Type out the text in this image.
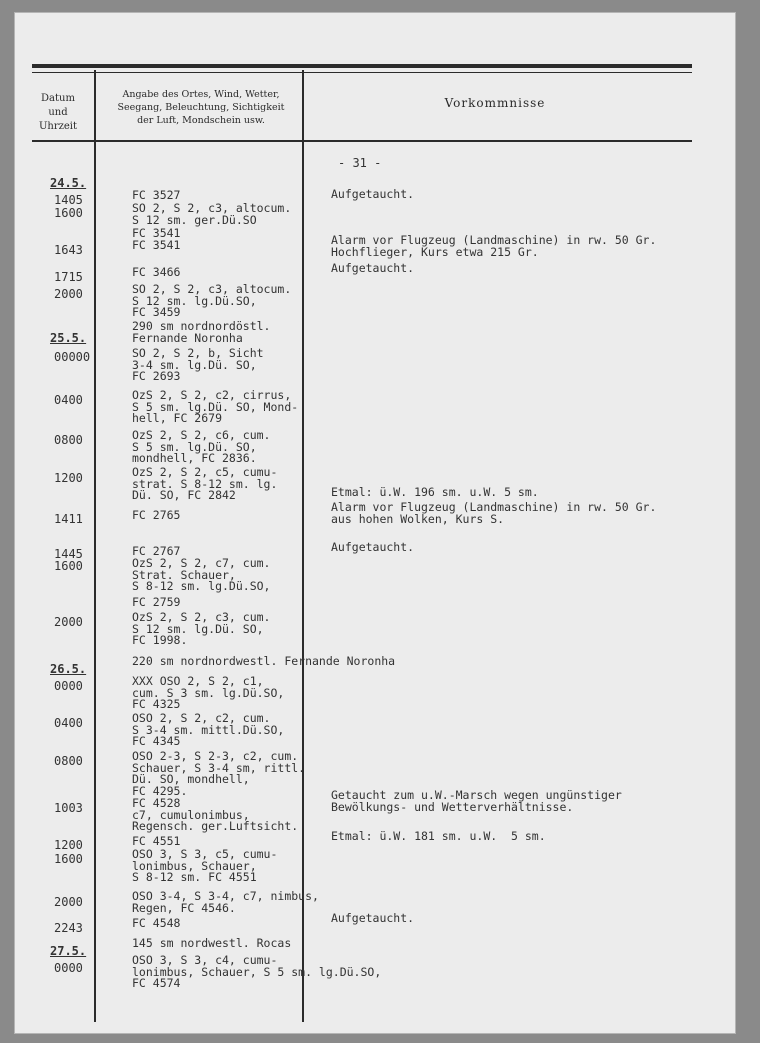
Datum
und
Uhrzeit
Angabe des Ortes, Wind, Wetter,
Seegang, Beleuchtung, Sichtigkeit
der Luft, Mondschein usw.
Vorkommnisse
- 31 -
24.5.
25.5.
26.5.
27.5.
1405
1600
1643
1715
2000
00000
0400
0800
1200
1411
1445
1600
2000
0000
0400
0800
1003
1200
1600
2000
2243
0000
FC 3527
SO 2, S 2, c3, altocum.
S 12 sm. ger.Dü.SO
FC 3541
FC 3541
FC 3466
SO 2, S 2, c3, altocum.
S 12 sm. lg.Dü.SO,
FC 3459
290 sm nordnordöstl.
Fernande Noronha
SO 2, S 2, b, Sicht
3-4 sm. lg.Dü. SO,
FC 2693
OzS 2, S 2, c2, cirrus,
S 5 sm. lg.Dü. SO, Mond-
hell, FC 2679
OzS 2, S 2, c6, cum.
S 5 sm. lg.Dü. SO,
mondhell, FC 2836.
OzS 2, S 2, c5, cumu-
strat. S 8-12 sm. lg.
Dü. SO, FC 2842
FC 2765
FC 2767
OzS 2, S 2, c7, cum.
Strat. Schauer,
S 8-12 sm. lg.Dü.SO,
FC 2759
OzS 2, S 2, c3, cum.
S 12 sm. lg.Dü. SO,
FC 1998.
220 sm nordnordwestl. Fernande Noronha
XXX OSO 2, S 2, c1,
cum. S 3 sm. lg.Dü.SO,
FC 4325
OSO 2, S 2, c2, cum.
S 3-4 sm. mittl.Dü.SO,
FC 4345
OSO 2-3, S 2-3, c2, cum.
Schauer, S 3-4 sm, rittl.
Dü. SO, mondhell,
FC 4295.
FC 4528
c7, cumulonimbus,
Regensch. ger.Luftsicht.
FC 4551
OSO 3, S 3, c5, cumu-
lonimbus, Schauer,
S 8-12 sm. FC 4551
OSO 3-4, S 3-4, c7, nimbus,
Regen, FC 4546.
FC 4548
145 sm nordwestl. Rocas
OSO 3, S 3, c4, cumu-
lonimbus, Schauer, S 5 sm. lg.Dü.SO,
FC 4574
Aufgetaucht.
Alarm vor Flugzeug (Landmaschine) in rw. 50 Gr.
Hochflieger, Kurs etwa 215 Gr.
Aufgetaucht.
Etmal: ü.W. 196 sm. u.W. 5 sm.
Alarm vor Flugzeug (Landmaschine) in rw. 50 Gr.
aus hohen Wolken, Kurs S.
Aufgetaucht.
Getaucht zum u.W.-Marsch wegen ungünstiger
Bewölkungs- und Wetterverhältnisse.
Etmal: ü.W. 181 sm. u.W.  5 sm.
Aufgetaucht.
